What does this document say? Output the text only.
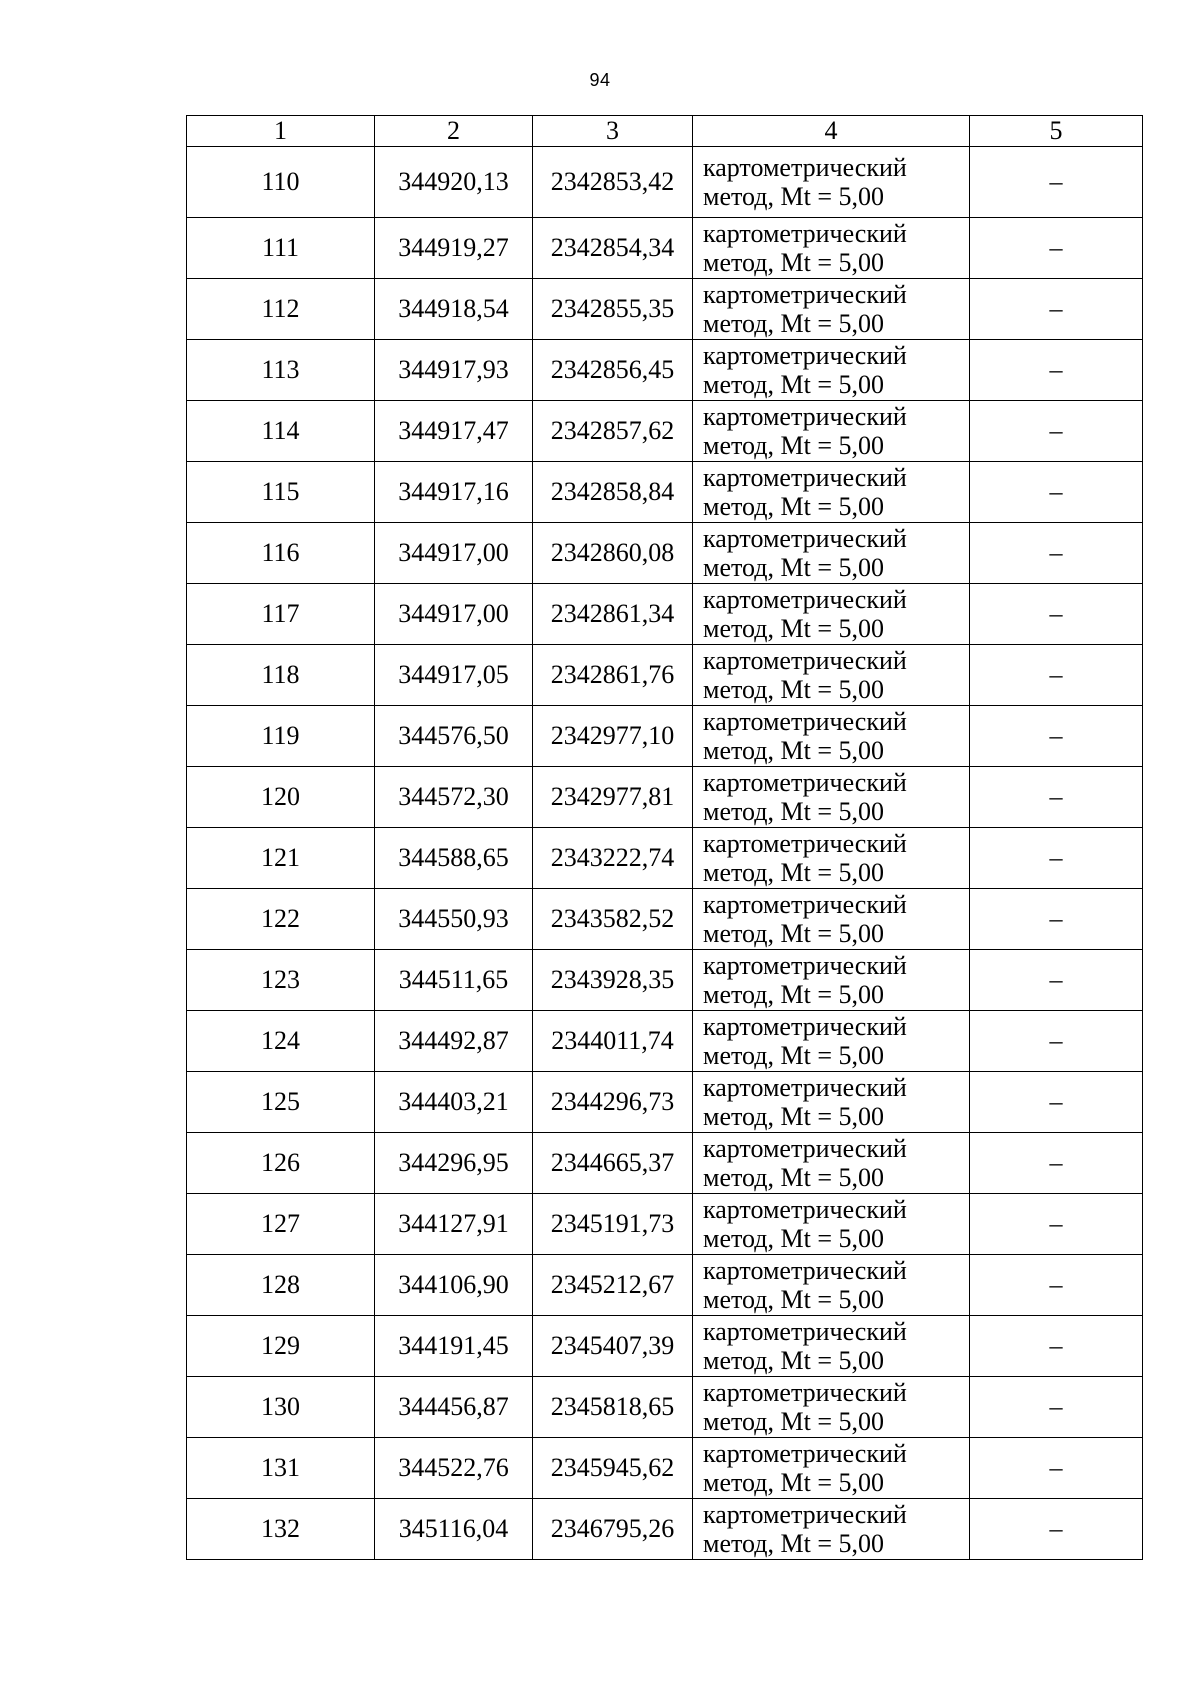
94
1	2	3	4	5
110	344920,13	2342853,42	картометрический
метод, Mt = 5,00	–
111	344919,27	2342854,34	картометрический
метод, Mt = 5,00	–
112	344918,54	2342855,35	картометрический
метод, Mt = 5,00	–
113	344917,93	2342856,45	картометрический
метод, Mt = 5,00	–
114	344917,47	2342857,62	картометрический
метод, Mt = 5,00	–
115	344917,16	2342858,84	картометрический
метод, Mt = 5,00	–
116	344917,00	2342860,08	картометрический
метод, Mt = 5,00	–
117	344917,00	2342861,34	картометрический
метод, Mt = 5,00	–
118	344917,05	2342861,76	картометрический
метод, Mt = 5,00	–
119	344576,50	2342977,10	картометрический
метод, Mt = 5,00	–
120	344572,30	2342977,81	картометрический
метод, Mt = 5,00	–
121	344588,65	2343222,74	картометрический
метод, Mt = 5,00	–
122	344550,93	2343582,52	картометрический
метод, Mt = 5,00	–
123	344511,65	2343928,35	картометрический
метод, Mt = 5,00	–
124	344492,87	2344011,74	картометрический
метод, Mt = 5,00	–
125	344403,21	2344296,73	картометрический
метод, Mt = 5,00	–
126	344296,95	2344665,37	картометрический
метод, Mt = 5,00	–
127	344127,91	2345191,73	картометрический
метод, Mt = 5,00	–
128	344106,90	2345212,67	картометрический
метод, Mt = 5,00	–
129	344191,45	2345407,39	картометрический
метод, Mt = 5,00	–
130	344456,87	2345818,65	картометрический
метод, Mt = 5,00	–
131	344522,76	2345945,62	картометрический
метод, Mt = 5,00	–
132	345116,04	2346795,26	картометрический
метод, Mt = 5,00	–
